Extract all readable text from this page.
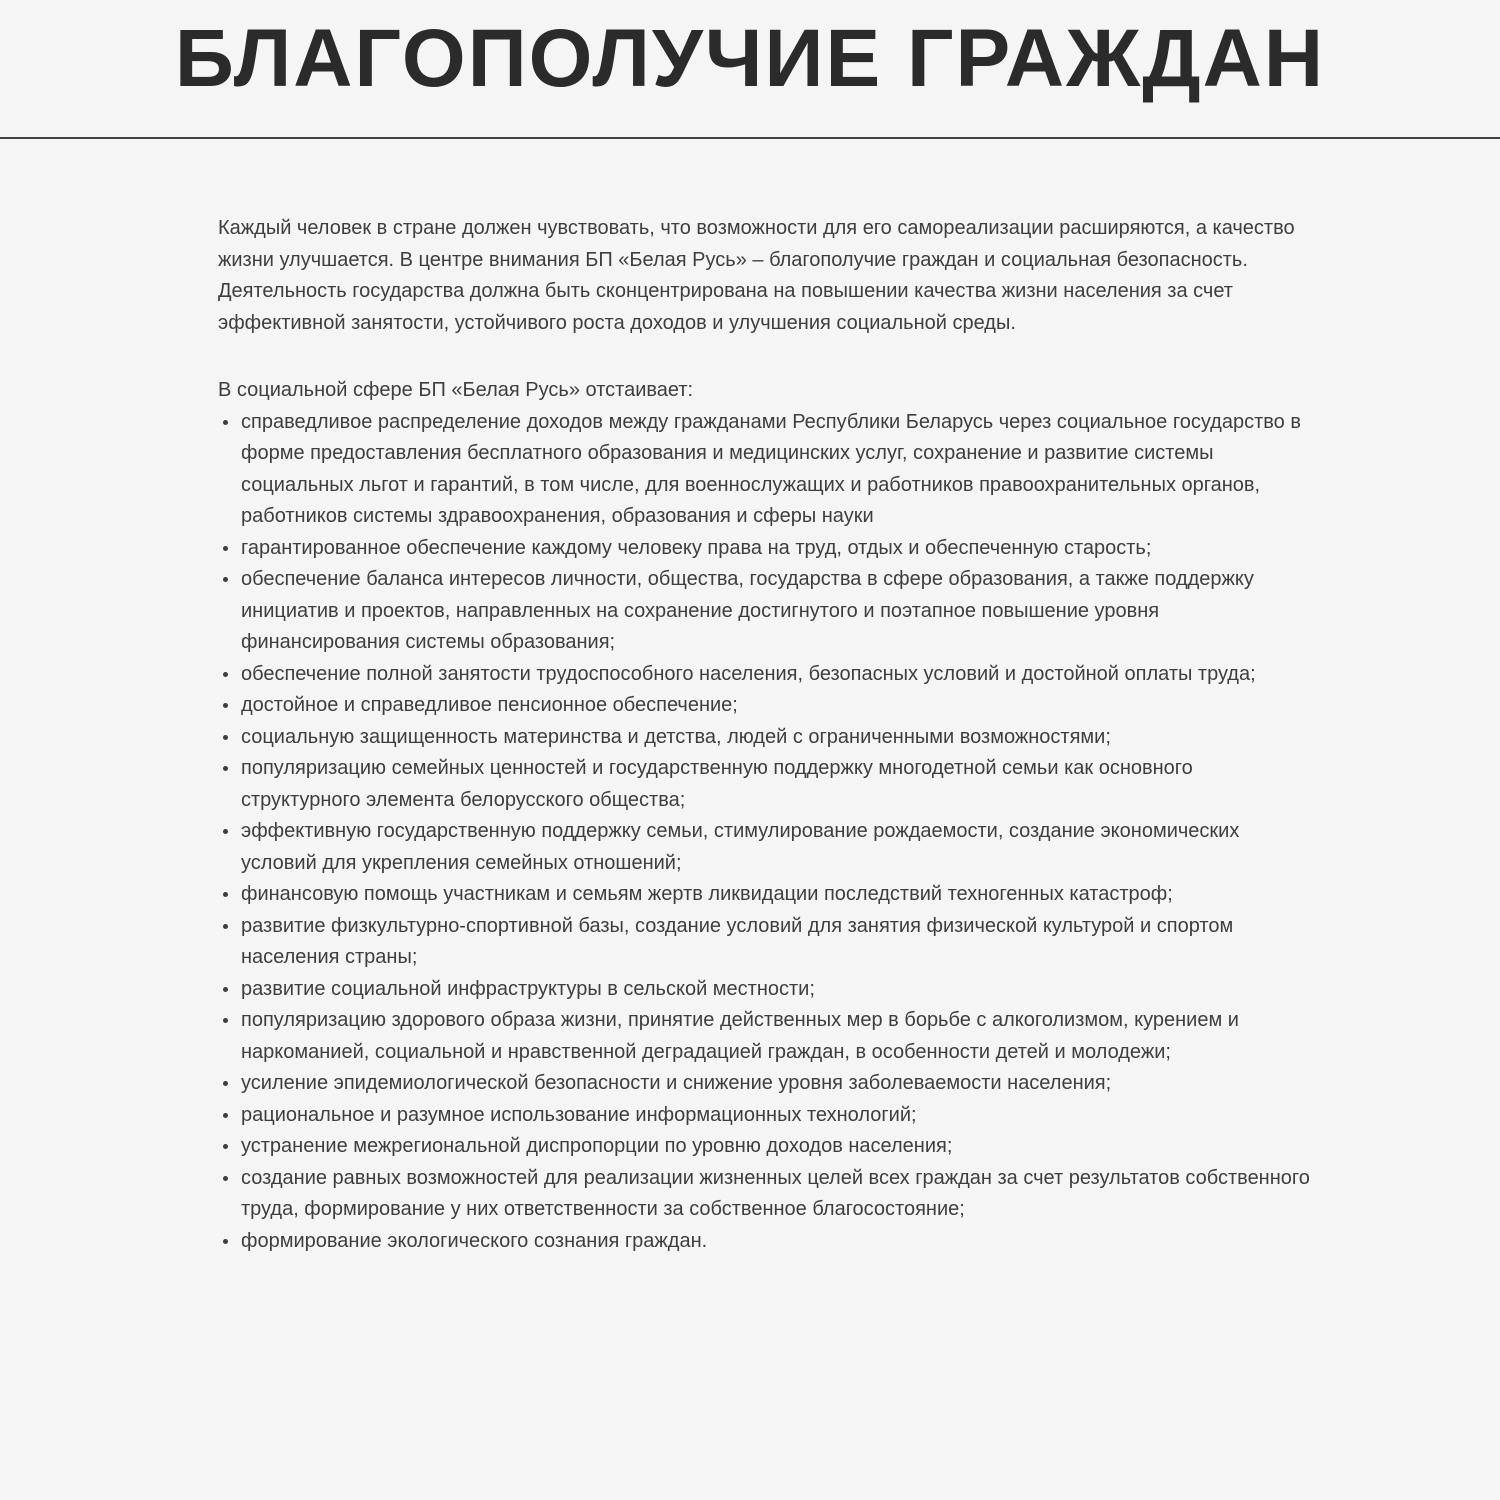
БЛАГОПОЛУЧИЕ ГРАЖДАН

Каждый человек в стране должен чувствовать, что возможности для его самореализации расширяются, а качество жизни улучшается. В центре внимания БП «Белая Русь» – благополучие граждан и социальная безопасность. Деятельность государства должна быть сконцентрирована на повышении качества жизни населения за счет эффективной занятости, устойчивого роста доходов и улучшения социальной среды.

В социальной сфере БП «Белая Русь» отстаивает:

справедливое распределение доходов между гражданами Республики Беларусь через социальное государство в форме предоставления бесплатного образования и медицинских услуг, сохранение и развитие системы социальных льгот и гарантий, в том числе, для военнослужащих и работников правоохранительных органов, работников системы здравоохранения, образования и сферы науки
гарантированное обеспечение каждому человеку права на труд, отдых и обеспеченную старость;
обеспечение баланса интересов личности, общества, государства в сфере образования, а также поддержку инициатив и проектов, направленных на сохранение достигнутого и поэтапное повышение уровня финансирования системы образования;
обеспечение полной занятости трудоспособного населения, безопасных условий и достойной оплаты труда;
достойное и справедливое пенсионное обеспечение;
социальную защищенность материнства и детства, людей с ограниченными возможностями;
популяризацию семейных ценностей и государственную поддержку многодетной семьи как основного структурного элемента белорусского общества;
эффективную государственную поддержку семьи, стимулирование рождаемости, создание экономических условий для укрепления семейных отношений;
финансовую помощь участникам и семьям жертв ликвидации последствий техногенных катастроф;
развитие физкультурно-спортивной базы, создание условий для занятия физической культурой и спортом населения страны;
развитие социальной инфраструктуры в сельской местности;
популяризацию здорового образа жизни, принятие действенных мер в борьбе с алкоголизмом, курением и наркоманией, социальной и нравственной деградацией граждан, в особенности детей и молодежи;
усиление эпидемиологической безопасности и снижение уровня заболеваемости населения;
рациональное и разумное использование информационных технологий;
устранение межрегиональной диспропорции по уровню доходов населения;
создание равных возможностей для реализации жизненных целей всех граждан за счет результатов собственного труда, формирование у них ответственности за собственное благосостояние;
формирование экологического сознания граждан.
